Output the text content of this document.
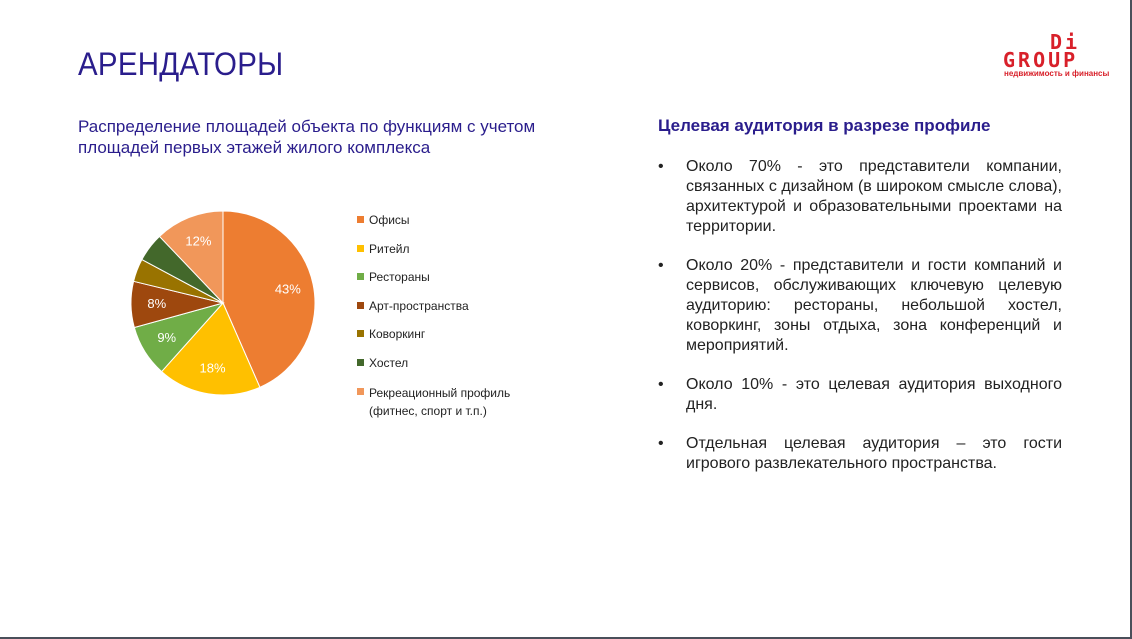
АРЕНДАТОРЫ
Di
GROUP
недвижимость и финансы
Распределение площадей объекта по функциям с учетом площадей первых этажей жилого комплекса
43%
18%
9%
8%
12%
Офисы
Ритейл
Рестораны
Арт-пространства
Коворкинг
Хостел
Рекреационный профиль (фитнес, спорт и т.п.)
Целевая аудитория в разрезе профиле
• Около 70% - это представители компании, связанных с дизайном (в широком смысле слова), архитектурой и образовательными проектами на территории.
• Около 20% - представители и гости компаний и сервисов, обслуживающих ключевую целевую аудиторию: рестораны, небольшой хостел, коворкинг, зоны отдыха, зона конференций и мероприятий.
• Около 10% - это целевая аудитория выходного дня.
• Отдельная целевая аудитория – это гости игрового развлекательного пространства.
